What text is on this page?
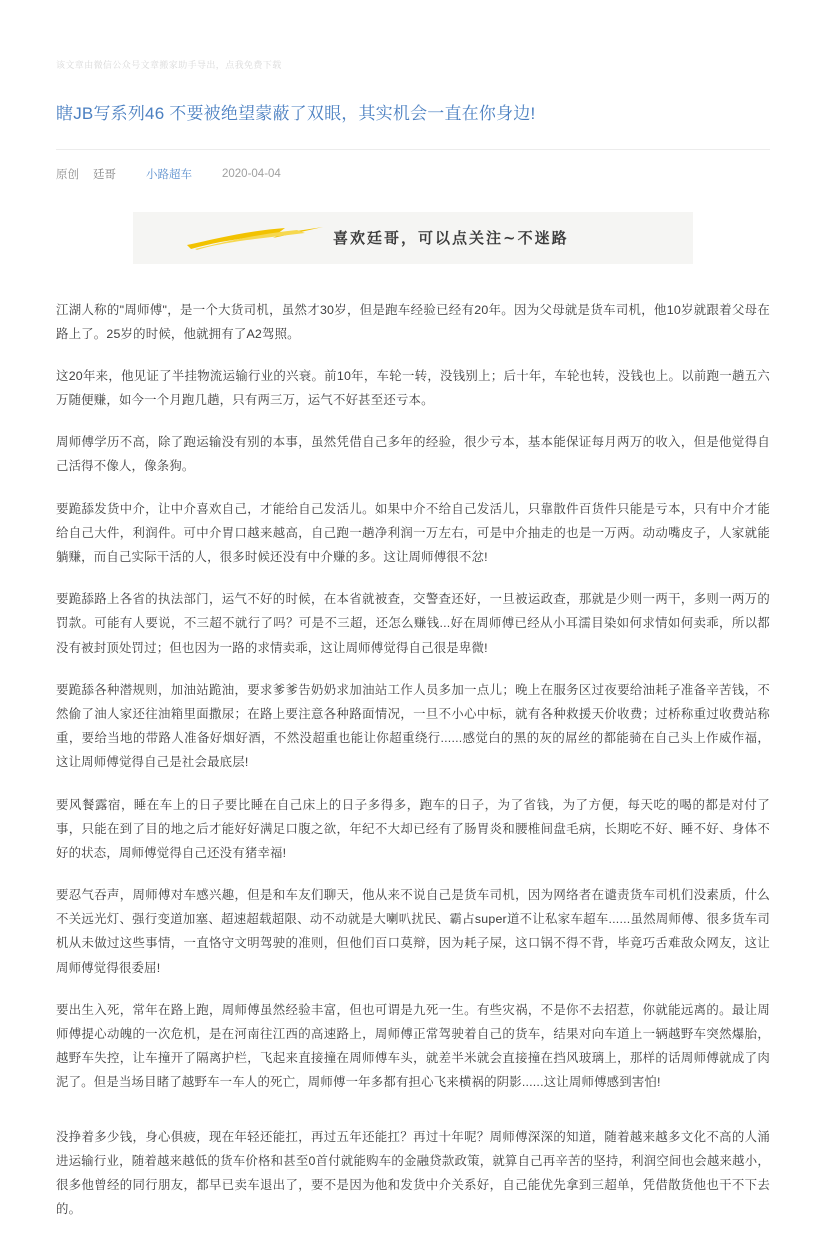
该文章由微信公众号文章搬家助手导出，点我免费下载
瞎JB写系列46 不要被绝望蒙蔽了双眼，其实机会一直在你身边!
原创 廷哥	小路超车	2020-04-04
喜欢廷哥，可以点关注~不迷路

江湖人称的"周师傅"，是一个大货司机，虽然才30岁，但是跑车经验已经有20年。因为父母就是货车司机，他10岁就跟着父母在路上了。25岁的时候，他就拥有了A2驾照。

这20年来，他见证了半挂物流运输行业的兴衰。前10年，车轮一转，没钱别上；后十年，车轮也转，没钱也上。以前跑一趟五六万随便赚，如今一个月跑几趟，只有两三万，运气不好甚至还亏本。

周师傅学历不高，除了跑运输没有别的本事，虽然凭借自己多年的经验，很少亏本，基本能保证每月两万的收入，但是他觉得自己活得不像人，像条狗。

要跪舔发货中介，让中介喜欢自己，才能给自己发活儿。如果中介不给自己发活儿，只靠散件百货件只能是亏本，只有中介才能给自己大件，利润件。可中介胃口越来越高，自己跑一趟净利润一万左右，可是中介抽走的也是一万两。动动嘴皮子，人家就能躺赚，而自己实际干活的人，很多时候还没有中介赚的多。这让周师傅很不忿!

要跪舔路上各省的执法部门，运气不好的时候，在本省就被查，交警查还好，一旦被运政查，那就是少则一两干，多则一两万的罚款。可能有人要说，不三超不就行了吗？可是不三超，还怎么赚钱...好在周师傅已经从小耳濡目染如何求情如何卖乖，所以都没有被封顶处罚过；但也因为一路的求情卖乖，这让周师傅觉得自己很是卑微!

要跪舔各种潜规则，加油站跪油，要求爹爹告奶奶求加油站工作人员多加一点儿；晚上在服务区过夜要给油耗子准备辛苦钱，不然偷了油人家还往油箱里面撒尿；在路上要注意各种路面情况，一旦不小心中标，就有各种救援天价收费；过桥称重过收费站称重，要给当地的带路人准备好烟好酒，不然没超重也能让你超重绕行......感觉白的黑的灰的屌丝的都能骑在自己头上作威作福，这让周师傅觉得自己是社会最底层!

要风餐露宿，睡在车上的日子要比睡在自己床上的日子多得多，跑车的日子，为了省钱，为了方便，每天吃的喝的都是对付了事，只能在到了目的地之后才能好好满足口腹之欲，年纪不大却已经有了肠胃炎和腰椎间盘毛病，长期吃不好、睡不好、身体不好的状态，周师傅觉得自己还没有猪幸福!

要忍气吞声，周师傅对车感兴趣，但是和车友们聊天，他从来不说自己是货车司机，因为网络者在谴责货车司机们没素质，什么不关远光灯、强行变道加塞、超速超载超限、动不动就是大喇叭扰民、霸占super道不让私家车超车......虽然周师傅、很多货车司机从未做过这些事情，一直恪守文明驾驶的准则，但他们百口莫辩，因为耗子屎，这口锅不得不背，毕竟巧舌难敌众网友，这让周师傅觉得很委屈!

要出生入死，常年在路上跑，周师傅虽然经验丰富，但也可谓是九死一生。有些灾祸，不是你不去招惹，你就能远离的。最让周师傅提心动魄的一次危机，是在河南往江西的高速路上，周师傅正常驾驶着自己的货车，结果对向车道上一辆越野车突然爆胎，越野车失控，让车撞开了隔离护栏，飞起来直接撞在周师傅车头，就差半米就会直接撞在挡风玻璃上，那样的话周师傅就成了肉泥了。但是当场目睹了越野车一车人的死亡，周师傅一年多都有担心飞来横祸的阴影......这让周师傅感到害怕!

没挣着多少钱，身心俱疲，现在年轻还能扛，再过五年还能扛？再过十年呢？周师傅深深的知道，随着越来越多文化不高的人涌进运输行业，随着越来越低的货车价格和甚至0首付就能购车的金融贷款政策，就算自己再辛苦的坚持，利润空间也会越来越小，很多他曾经的同行朋友，都早已卖车退出了，要不是因为他和发货中介关系好，自己能优先拿到三超单，凭借散货他也干不下去的。
